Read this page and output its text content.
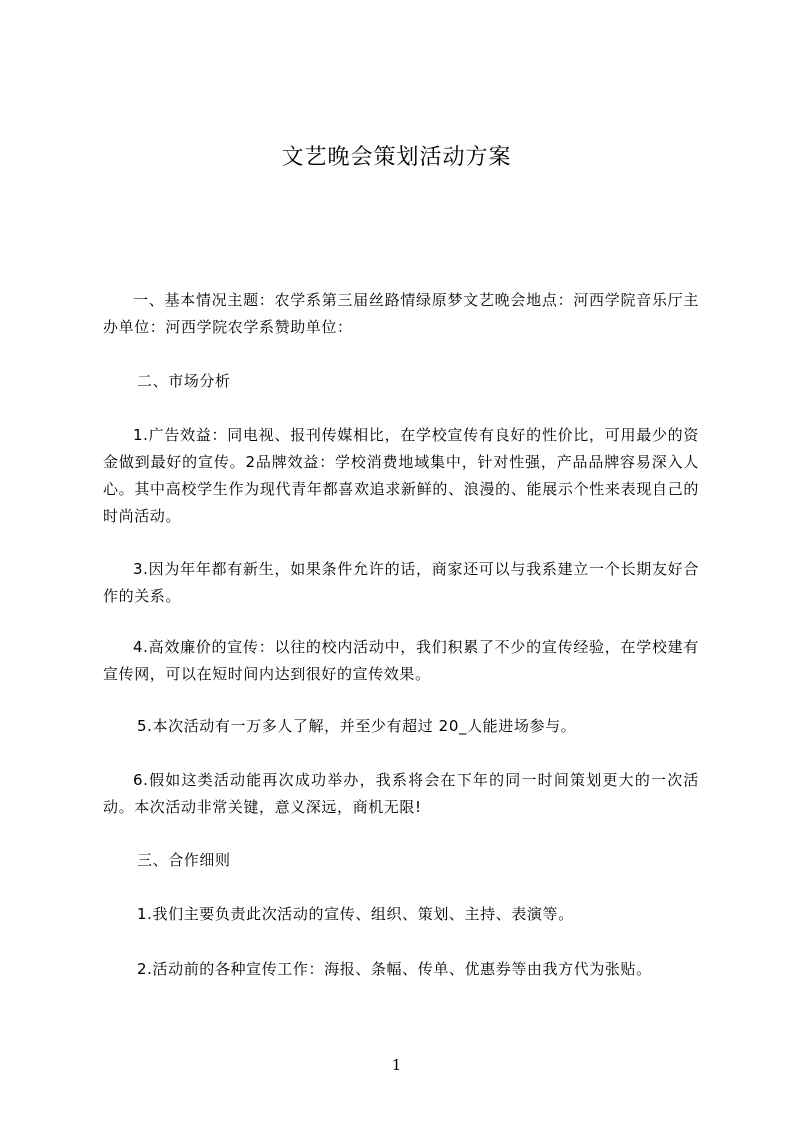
文艺晚会策划活动方案

一、基本情况主题：农学系第三届丝路情绿原梦文艺晚会地点：河西学院音乐厅主办单位：河西学院农学系赞助单位：

二、市场分析

1.广告效益：同电视、报刊传媒相比，在学校宣传有良好的性价比，可用最少的资金做到最好的宣传。2品牌效益：学校消费地域集中，针对性强，产品品牌容易深入人心。其中高校学生作为现代青年都喜欢追求新鲜的、浪漫的、能展示个性来表现自己的时尚活动。

3.因为年年都有新生，如果条件允许的话，商家还可以与我系建立一个长期友好合作的关系。

4.高效廉价的宣传：以往的校内活动中，我们积累了不少的宣传经验，在学校建有宣传网，可以在短时间内达到很好的宣传效果。

5.本次活动有一万多人了解，并至少有超过 20_人能进场参与。

6.假如这类活动能再次成功举办，我系将会在下年的同一时间策划更大的一次活动。本次活动非常关键，意义深远，商机无限!

三、合作细则

1.我们主要负责此次活动的宣传、组织、策划、主持、表演等。

2.活动前的各种宣传工作：海报、条幅、传单、优惠券等由我方代为张贴。

1
